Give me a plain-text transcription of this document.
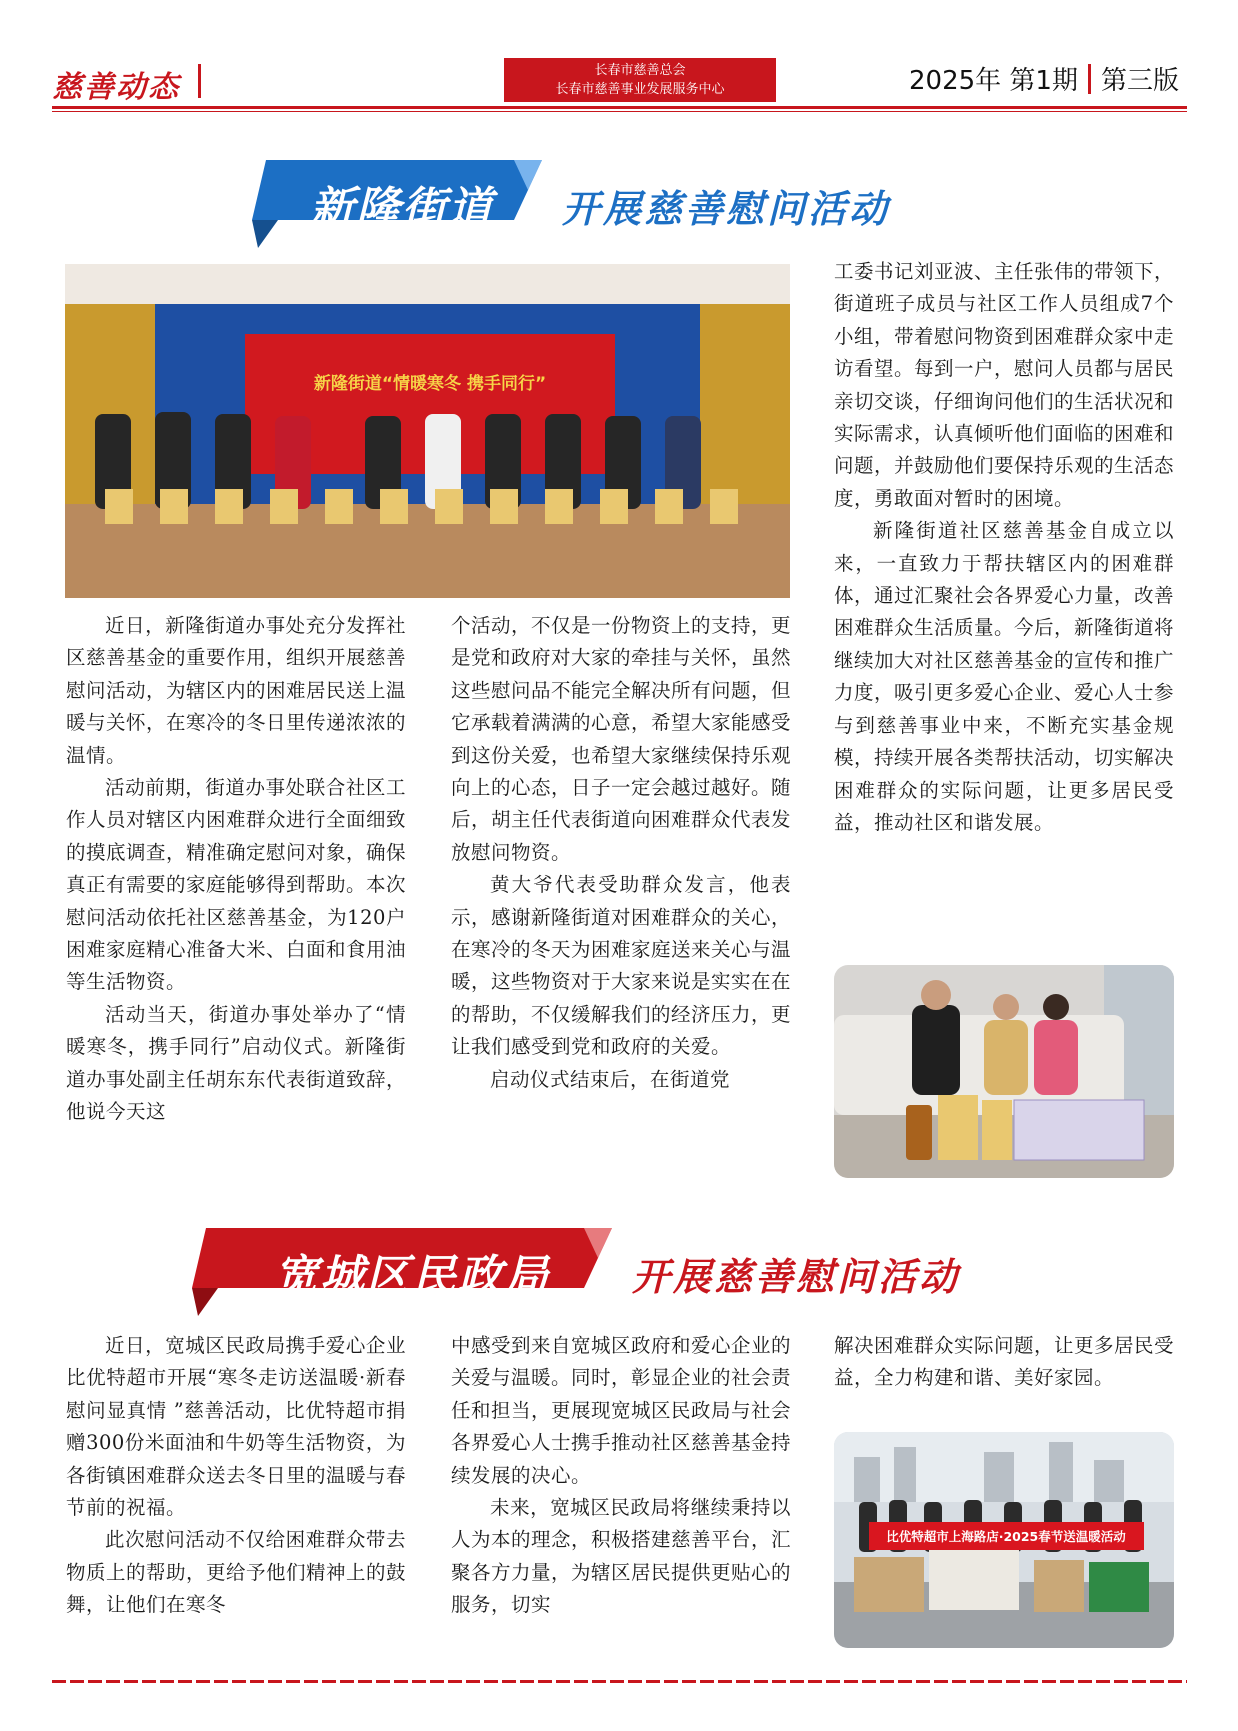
慈善动态	长春市慈善总会
长春市慈善事业发展服务中心	2025年 第1期 第三版
新隆街道	开展慈善慰问活动
新隆街道“情暖寒冬 携手同行”

近日，新隆街道办事处充分发挥社区慈善基金的重要作用，组织开展慈善慰问活动，为辖区内的困难居民送上温暖与关怀，在寒冷的冬日里传递浓浓的温情。

活动前期，街道办事处联合社区工作人员对辖区内困难群众进行全面细致的摸底调查，精准确定慰问对象，确保真正有需要的家庭能够得到帮助。本次慰问活动依托社区慈善基金，为120户困难家庭精心准备大米、白面和食用油等生活物资。

活动当天，街道办事处举办了“情暖寒冬，携手同行”启动仪式。新隆街道办事处副主任胡东东代表街道致辞，他说今天这

个活动，不仅是一份物资上的支持，更是党和政府对大家的牵挂与关怀，虽然这些慰问品不能完全解决所有问题，但它承载着满满的心意，希望大家能感受到这份关爱，也希望大家继续保持乐观向上的心态，日子一定会越过越好。随后，胡主任代表街道向困难群众代表发放慰问物资。

黄大爷代表受助群众发言，他表示，感谢新隆街道对困难群众的关心，在寒冷的冬天为困难家庭送来关心与温暖，这些物资对于大家来说是实实在在的帮助，不仅缓解我们的经济压力，更让我们感受到党和政府的关爱。

启动仪式结束后，在街道党

工委书记刘亚波、主任张伟的带领下，街道班子成员与社区工作人员组成7个小组，带着慰问物资到困难群众家中走访看望。每到一户，慰问人员都与居民亲切交谈，仔细询问他们的生活状况和实际需求，认真倾听他们面临的困难和问题，并鼓励他们要保持乐观的生活态度，勇敢面对暂时的困境。

新隆街道社区慈善基金自成立以来，一直致力于帮扶辖区内的困难群体，通过汇聚社会各界爱心力量，改善困难群众生活质量。今后，新隆街道将继续加大对社区慈善基金的宣传和推广力度，吸引更多爱心企业、爱心人士参与到慈善事业中来，不断充实基金规模，持续开展各类帮扶活动，切实解决困难群众的实际问题，让更多居民受益，推动社区和谐发展。

宽城区民政局	开展慈善慰问活动

近日，宽城区民政局携手爱心企业比优特超市开展“寒冬走访送温暖·新春慰问显真情 ”慈善活动，比优特超市捐赠300份米面油和牛奶等生活物资，为各街镇困难群众送去冬日里的温暖与春节前的祝福。

此次慰问活动不仅给困难群众带去物质上的帮助，更给予他们精神上的鼓舞，让他们在寒冬

中感受到来自宽城区政府和爱心企业的关爱与温暖。同时，彰显企业的社会责任和担当，更展现宽城区民政局与社会各界爱心人士携手推动社区慈善基金持续发展的决心。

未来，宽城区民政局将继续秉持以人为本的理念，积极搭建慈善平台，汇聚各方力量，为辖区居民提供更贴心的服务，切实

解决困难群众实际问题，让更多居民受益，全力构建和谐、美好家园。

比优特超市上海路店·2025春节送温暖活动
